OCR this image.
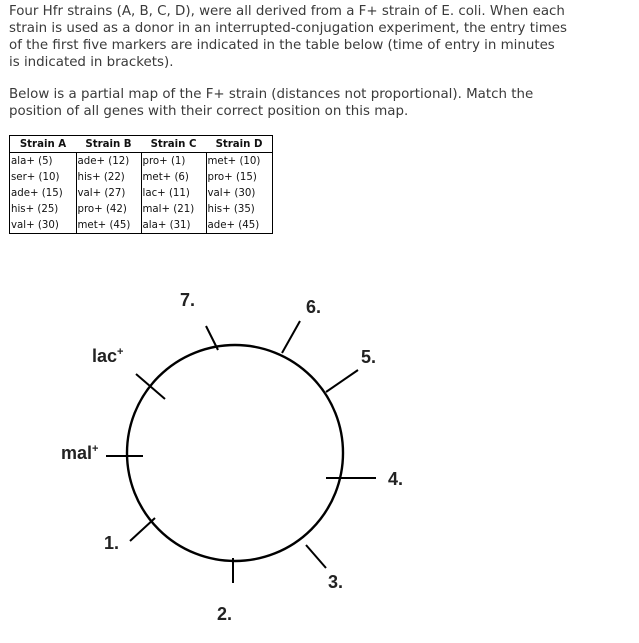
Four Hfr strains (A, B, C, D), were all derived from a F+ strain of E. coli. When each strain is used as a donor in an interrupted-conjugation experiment, the entry times of the first five markers are indicated in the table below (time of entry in minutes is indicated in brackets).

Below is a partial map of the F+ strain (distances not proportional). Match the position of all genes with their correct position on this map.

Strain A	Strain B	Strain C	Strain D
ala+ (5)	ade+ (12)	pro+ (1)	met+ (10)
ser+ (10)	his+ (22)	met+ (6)	pro+ (15)
ade+ (15)	val+ (27)	lac+ (11)	val+ (30)
his+ (25)	pro+ (42)	mal+ (21)	his+ (35)
val+ (30)	met+ (45)	ala+ (31)	ade+ (45)
lac+
mal+
7.	6.
5.
4.
3.
2.
1.
